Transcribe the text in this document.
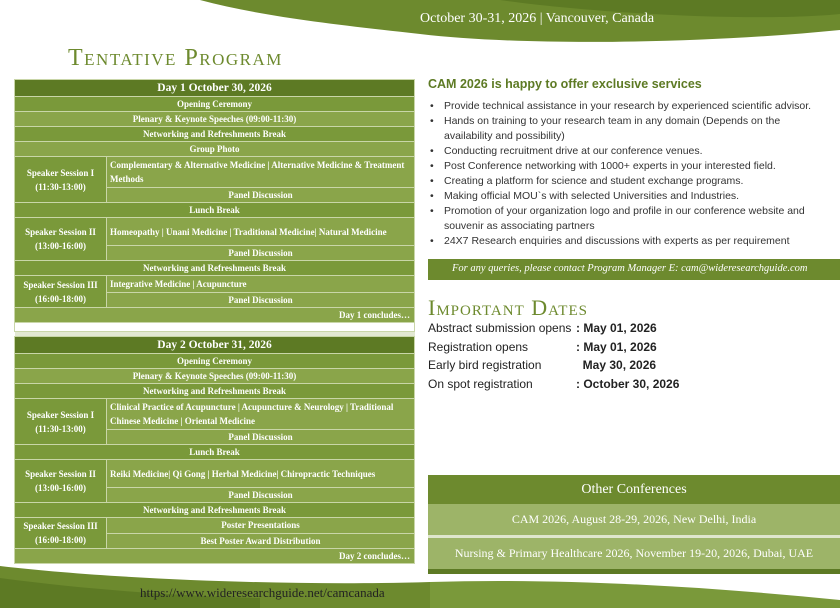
October 30-31, 2026 | Vancouver, Canada
Tentative Program
Day 1 October 30, 2026	
Opening Ceremony	
Plenary & Keynote Speeches (09:00-11:30)	
Networking and Refreshments Break	
Group Photo	

Speaker Session I
(11:30-13:00)	Complementary & Alternative Medicine | Alternative Medicine & Treatment Methods
	Panel Discussion
Lunch Break	

Speaker Session II
(13:00-16:00)	Homeopathy | Unani Medicine | Traditional Medicine| Natural Medicine
	Panel Discussion
Networking and Refreshments Break	

Speaker Session III
(16:00-18:00)	Integrative Medicine | Acupuncture
	Panel Discussion
Day 1 concludes…	

Day 2 October 31, 2026	
Opening Ceremony	
Plenary & Keynote Speeches (09:00-11:30)	
Networking and Refreshments Break	

Speaker Session I
(11:30-13:00)	Clinical Practice of Acupuncture | Acupuncture & Neurology | Traditional Chinese Medicine | Oriental Medicine
	Panel Discussion
Lunch Break	

Speaker Session II
(13:00-16:00)	Reiki Medicine| Qi Gong | Herbal Medicine| Chiropractic Techniques
	Panel Discussion
Networking and Refreshments Break	

Speaker Session III
(16:00-18:00)	Poster Presentations
	Best Poster Award Distribution
Day 2 concludes…	
CAM 2026 is happy to offer exclusive services
• Provide technical assistance in your research by experienced scientific advisor.
• Hands on training to your research team in any domain (Depends on the availability and possibility)
• Conducting recruitment drive at our conference venues.
• Post Conference networking with 1000+ experts in your interested field.
• Creating a platform for science and student exchange programs.
• Making official MOU`s with selected Universities and Industries.
• Promotion of your organization logo and profile in our conference website and souvenir as associating partners
• 24X7 Research enquiries and discussions with experts as per requirement
For any queries, please contact Program Manager E: cam@wideresearchguide.com
Important Dates
Abstract submission opens : May 01, 2026
Registration opens	: May 01, 2026
Early bird registration	May 30, 2026
On spot registration	: October 30, 2026
Other Conferences
CAM 2026, August 28-29, 2026, New Delhi, India
Nursing & Primary Healthcare 2026, November 19-20, 2026, Dubai, UAE
https://www.wideresearchguide.net/camcanada
